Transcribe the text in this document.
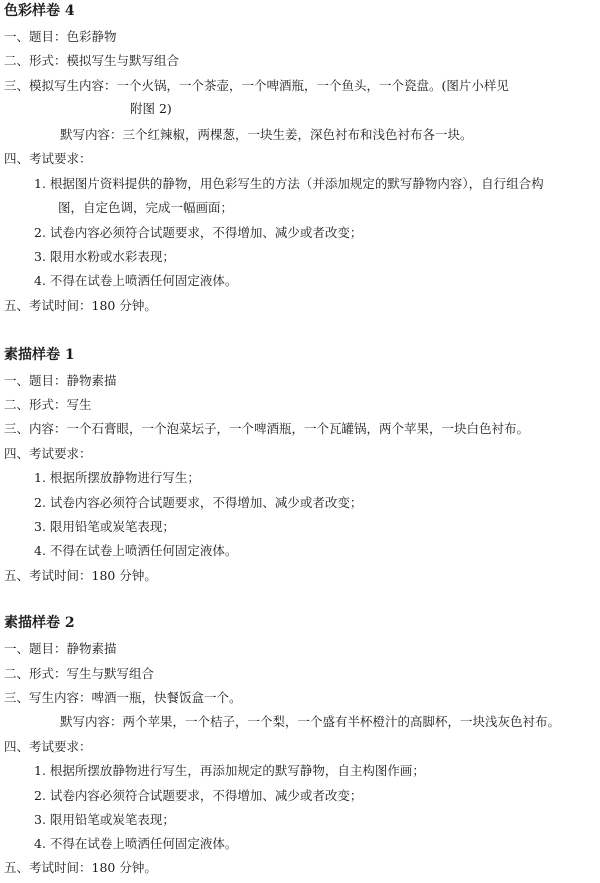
色彩样卷 4
一、题目：色彩静物
二、形式：模拟写生与默写组合
三、模拟写生内容：一个火锅，一个茶壶，一个啤酒瓶，一个鱼头，一个瓷盘。(图片小样见
附图 2)
默写内容：三个红辣椒，两棵葱，一块生姜，深色衬布和浅色衬布各一块。
四、考试要求：
1. 根据图片资料提供的静物，用色彩写生的方法（并添加规定的默写静物内容），自行组合构
图，自定色调，完成一幅画面；
2. 试卷内容必须符合试题要求，不得增加、减少或者改变；
3. 限用水粉或水彩表现；
4. 不得在试卷上喷洒任何固定液体。
五、考试时间：180 分钟。
素描样卷 1
一、题目：静物素描
二、形式：写生
三、内容：一个石膏眼，一个泡菜坛子，一个啤酒瓶，一个瓦罐锅，两个苹果，一块白色衬布。
四、考试要求：
1. 根据所摆放静物进行写生；
2. 试卷内容必须符合试题要求，不得增加、减少或者改变；
3. 限用铅笔或炭笔表现；
4. 不得在试卷上喷洒任何固定液体。
五、考试时间：180 分钟。
素描样卷 2
一、题目：静物素描
二、形式：写生与默写组合
三、写生内容：啤酒一瓶，快餐饭盒一个。
默写内容：两个苹果，一个桔子，一个梨，一个盛有半杯橙汁的高脚杯，一块浅灰色衬布。
四、考试要求：
1. 根据所摆放静物进行写生，再添加规定的默写静物，自主构图作画；
2. 试卷内容必须符合试题要求，不得增加、减少或者改变；
3. 限用铅笔或炭笔表现；
4. 不得在试卷上喷洒任何固定液体。
五、考试时间：180 分钟。
